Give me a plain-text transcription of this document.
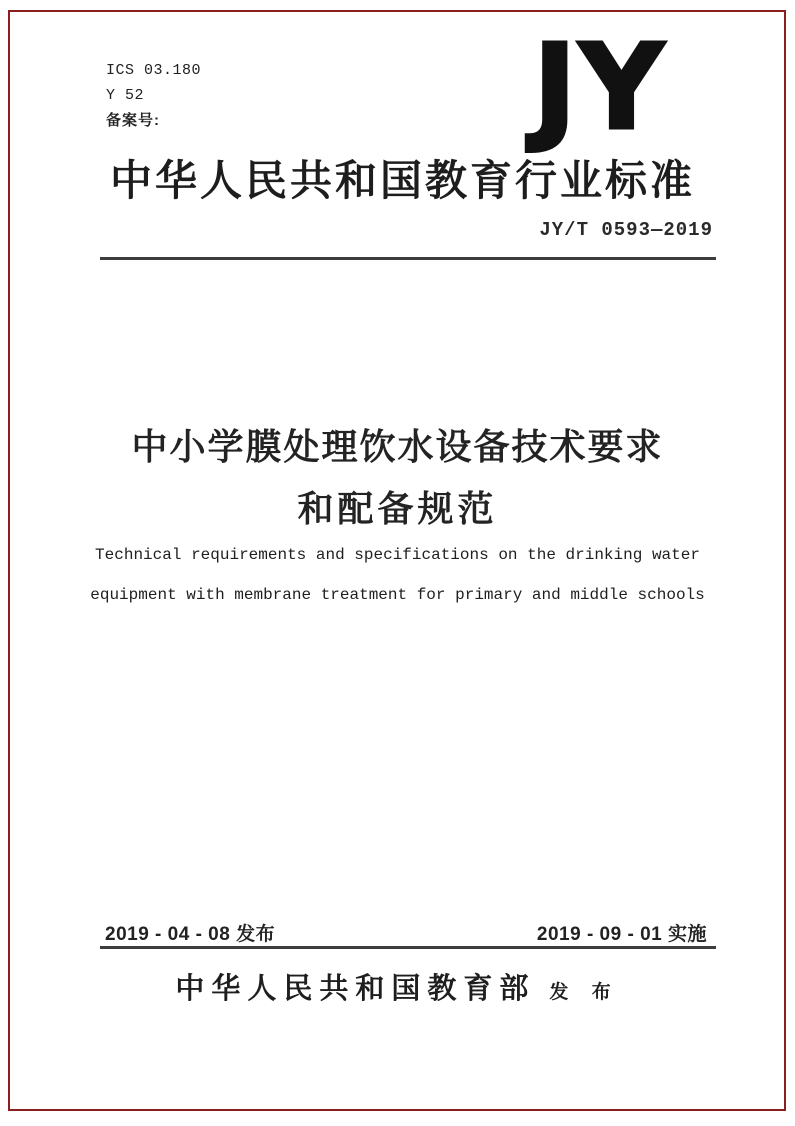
ICS 03.180
Y 52
备案号:	JY
中华人民共和国教育行业标准
JY/T 0593—2019
中小学膜处理饮水设备技术要求
和配备规范
Technical requirements and specifications on the drinking water
equipment with membrane treatment for primary and middle schools
2019 - 04 - 08 发布	2019 - 09 - 01 实施
中华人民共和国教育部 发 布
